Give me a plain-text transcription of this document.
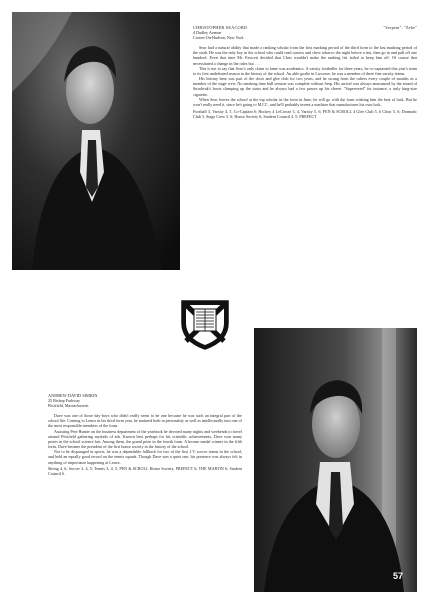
CHRISTOPHER SEACORD	"Serpent", "Zeke"
4 Dudley Avenue
Croton-On-Hudson, New York

Seac had a natural ability that made a ranking scholar from the first marking period of the third form to the last marking period of the sixth. He was the only boy in the school who could read comics and chew tobacco the night before a test, then go in and pull off one hundred. Even that time Mr. Fawcett decided that Chris wouldn't make the ranking list failed to keep him off. Of course that necessitated a change in the rules but . . .

This is not to say that Seac's only claim to fame was academics. A varsity footballer for three years, he co-captained this year's team to its first undefeated season in the history of the school. An able goalie in Lacrosse, he was a member of three fine varsity teams.

His literary bent was part of the choir and glee club for two years, and he swung from the rafters every couple of months as a member of the stage crew. No smoking time bull session was complete without Serp. His arrival was always announced by the sound of Stradivak's boots clumping up the stairs and he always had a few passes up his sleeve. "Superweed" for instance, a truly king-size cigarette.

When Seac leaves the school at the top scholar in the form in June, he will go with the form wishing him the best of luck. But he won't really need it, since he's going to M.I.T., and he'll probably invent a machine that manufactures his own luck.

Football 3, Varsity 4, 5, Co-Captain 6; Hockey 4 LeCrosse 3, 4, Varsity 5, 6; PEN & SCROLL 4 Glee Club 5, 6 Choir 5, 6; Dramatic Club 5, Stage Crew 5, 6; Honor Society 6; Student Council 4, 5; PREFECT

ANDREW DAVID SIMKIN
25 Bishop Parkway
Pittsfield, Massachusetts

Dave was one of those day-boys who didn't really seem to be one because he was such an integral part of the school life. Coming to Lenox in his third form year, he matured both in personality as well as intellectually into one of the most responsible members of the form.

Assisting Pete Hunter on the business department of the yearbook he devoted many nights and weekends to travel around Pittsfield gathering myriads of ads. Known best perhaps for his scientific achievements, Dave won many prizes in the school science fair. Among them, the grand prize in the fourth form. A bronze medal winner in the fifth form, Dave became the president of the first honor society in the history of the school.

Not to be disparaged in sports, he was a dependable fullback for two of the first J.V. soccer teams in the school, and held an equally good record on the tennis squads. Though Dave was a quiet one, his presence was always felt in anything of importance happening at Lenox.

Skiing 4, 6; Soccer 3, 4, 5; Tennis 3, 4, 5; PEN & SCROLL Honor Society, PREFECT 6; THE MARTIN 6; Student Council 6.

57
